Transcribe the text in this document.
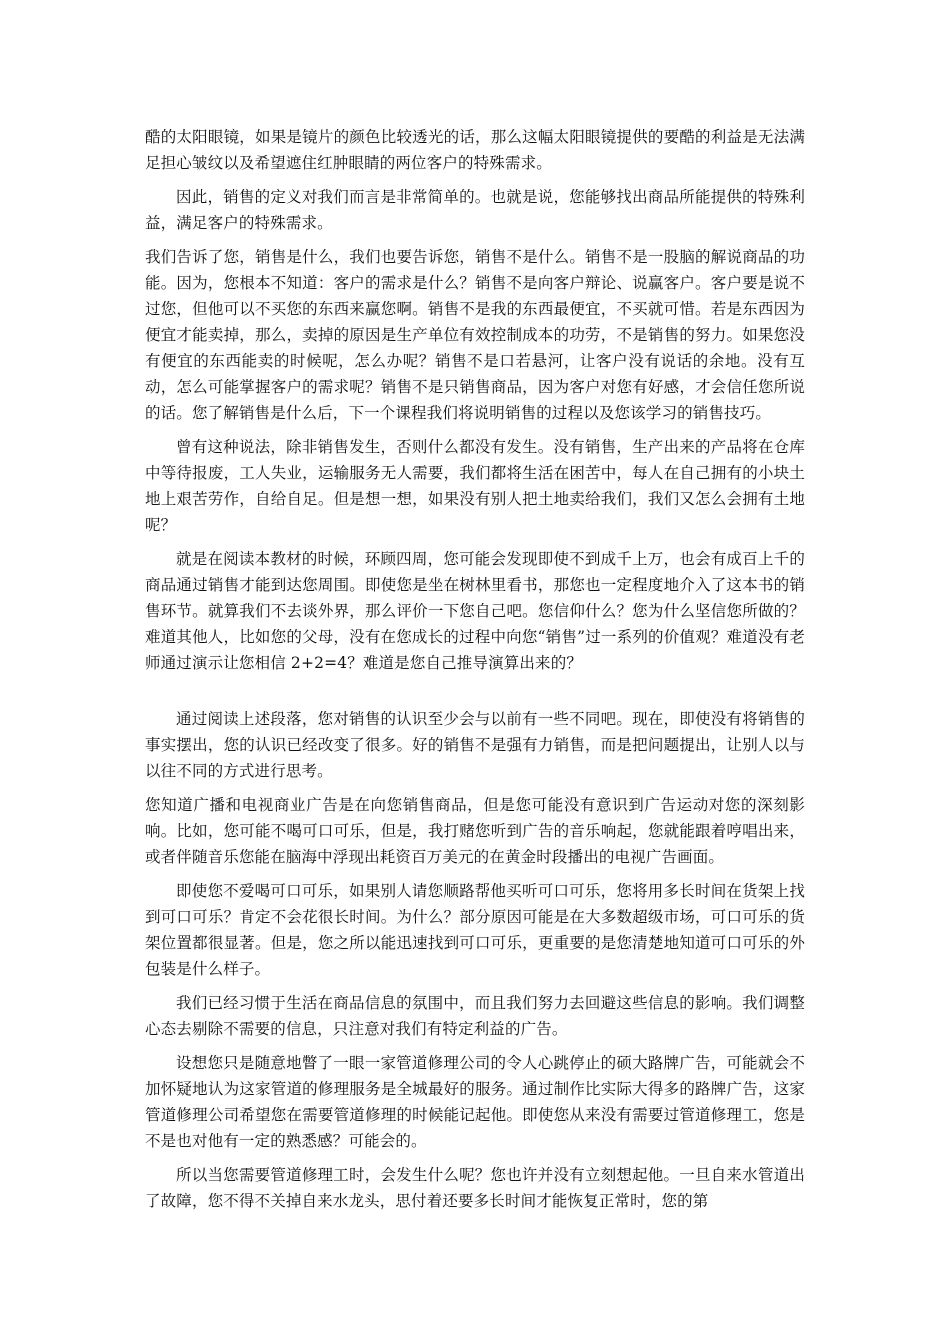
酷的太阳眼镜，如果是镜片的颜色比较透光的话，那么这幅太阳眼镜提供的要酷的利益是无法满足担心皱纹以及希望遮住红肿眼睛的两位客户的特殊需求。

因此，销售的定义对我们而言是非常简单的。也就是说，您能够找出商品所能提供的特殊利益，满足客户的特殊需求。

我们告诉了您，销售是什么，我们也要告诉您，销售不是什么。销售不是一股脑的解说商品的功能。因为，您根本不知道：客户的需求是什么？销售不是向客户辩论、说赢客户。客户要是说不过您，但他可以不买您的东西来赢您啊。销售不是我的东西最便宜，不买就可惜。若是东西因为便宜才能卖掉，那么，卖掉的原因是生产单位有效控制成本的功劳，不是销售的努力。如果您没有便宜的东西能卖的时候呢，怎么办呢？销售不是口若悬河，让客户没有说话的余地。没有互动，怎么可能掌握客户的需求呢？销售不是只销售商品，因为客户对您有好感，才会信任您所说的话。您了解销售是什么后，下一个课程我们将说明销售的过程以及您该学习的销售技巧。

曾有这种说法，除非销售发生，否则什么都没有发生。没有销售，生产出来的产品将在仓库中等待报废，工人失业，运输服务无人需要，我们都将生活在困苦中，每人在自己拥有的小块土地上艰苦劳作，自给自足。但是想一想，如果没有别人把土地卖给我们，我们又怎么会拥有土地呢？

就是在阅读本教材的时候，环顾四周，您可能会发现即使不到成千上万，也会有成百上千的商品通过销售才能到达您周围。即使您是坐在树林里看书，那您也一定程度地介入了这本书的销售环节。就算我们不去谈外界，那么评价一下您自己吧。您信仰什么？您为什么坚信您所做的？难道其他人，比如您的父母，没有在您成长的过程中向您“销售”过一系列的价值观？难道没有老师通过演示让您相信 2+2=4？难道是您自己推导演算出来的？

通过阅读上述段落，您对销售的认识至少会与以前有一些不同吧。现在，即使没有将销售的事实摆出，您的认识已经改变了很多。好的销售不是强有力销售，而是把问题提出，让别人以与以往不同的方式进行思考。

您知道广播和电视商业广告是在向您销售商品，但是您可能没有意识到广告运动对您的深刻影响。比如，您可能不喝可口可乐，但是，我打赌您听到广告的音乐响起，您就能跟着哼唱出来，或者伴随音乐您能在脑海中浮现出耗资百万美元的在黄金时段播出的电视广告画面。

即使您不爱喝可口可乐，如果别人请您顺路帮他买听可口可乐，您将用多长时间在货架上找到可口可乐？肯定不会花很长时间。为什么？部分原因可能是在大多数超级市场，可口可乐的货架位置都很显著。但是，您之所以能迅速找到可口可乐，更重要的是您清楚地知道可口可乐的外包装是什么样子。

我们已经习惯于生活在商品信息的氛围中，而且我们努力去回避这些信息的影响。我们调整心态去剔除不需要的信息，只注意对我们有特定利益的广告。

设想您只是随意地瞥了一眼一家管道修理公司的令人心跳停止的硕大路牌广告，可能就会不加怀疑地认为这家管道的修理服务是全城最好的服务。通过制作比实际大得多的路牌广告，这家管道修理公司希望您在需要管道修理的时候能记起他。即使您从来没有需要过管道修理工，您是不是也对他有一定的熟悉感？可能会的。

所以当您需要管道修理工时，会发生什么呢？您也许并没有立刻想起他。一旦自来水管道出了故障，您不得不关掉自来水龙头，思付着还要多长时间才能恢复正常时，您的第
